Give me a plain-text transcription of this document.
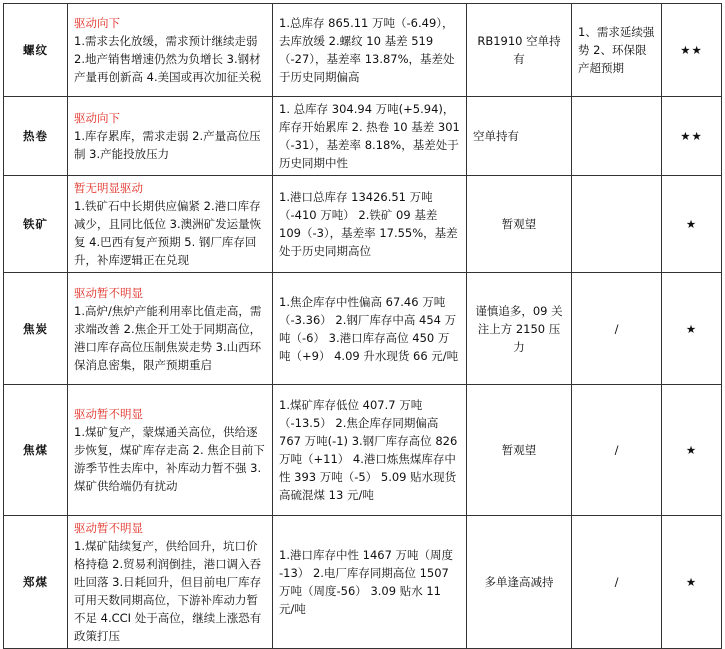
螺纹	驱动向下
1.需求去化放缓，需求预计继续走弱 2.地产销售增速仍然为负增长 3.钢材产量再创新高 4.美国或再次加征关税	1.总库存 865.11 万吨（-6.49），去库放缓 2.螺纹 10 基差 519（-27），基差率 13.87%，基差处于历史同期偏高	RB1910 空单持有	1、需求延续强势 2、环保限产超预期	★★
热卷	驱动向下
1.库存累库，需求走弱 2.产量高位压制 3.产能投放压力	1. 总库存 304.94 万吨(+5.94)，库存开始累库 2. 热卷 10 基差 301（-31），基差率 8.18%，基差处于历史同期中性	空单持有		★★
铁矿	暂无明显驱动
1.铁矿石中长期供应偏紧 2.港口库存减少，且同比低位 3.澳洲矿发运量恢复 4.巴西有复产预期 5. 钢厂库存回升，补库逻辑正在兑现	1.港口总库存 13426.51 万吨（-410 万吨） 2.铁矿 09 基差 109（-3），基差率 17.55%，基差处于历史同期高位	暂观望		★
焦炭	驱动暂不明显
1.高炉/焦炉产能利用率比值走高，需求端改善 2.焦企开工处于同期高位，港口库存高位压制焦炭走势 3.山西环保消息密集，限产预期重启	1.焦企库存中性偏高 67.46 万吨（-3.36） 2.钢厂库存中高 454 万吨（-6） 3.港口库存高位 450 万吨（+9） 4.09 升水现货 66 元/吨	谨慎追多，09 关注上方 2150 压力	/	★
焦煤	驱动暂不明显
1.煤矿复产，蒙煤通关高位，供给逐步恢复，煤矿库存走高 2. 焦企目前下游季节性去库中，补库动力暂不强 3.煤矿供给端仍有扰动	1.煤矿库存低位 407.7 万吨（-13.5） 2.焦企库存同期偏高 767 万吨(-1) 3.钢厂库存高位 826 万吨（+11） 4.港口炼焦煤库存中性 393 万吨（-5） 5.09 贴水现货高硫混煤 13 元/吨	暂观望	/	★
郑煤	驱动暂不明显
1.煤矿陆续复产，供给回升，坑口价格持稳 2.贸易利润倒挂，港口调入吞吐回落 3.日耗回升，但目前电厂库存可用天数同期高位，下游补库动力暂不足 4.CCI 处于高位，继续上涨恐有政策打压	1.港口库存中性 1467 万吨（周度 -13） 2.电厂库存同期高位 1507 万吨（周度-56） 3.09 贴水 11 元/吨	多单逢高减持	/	★
